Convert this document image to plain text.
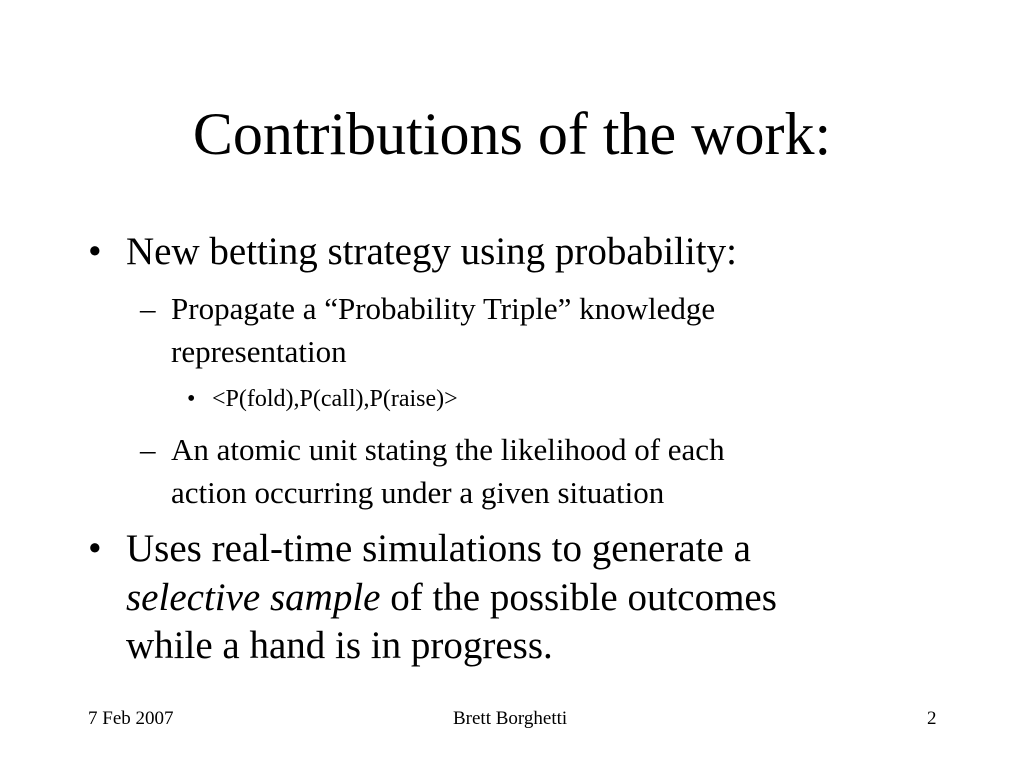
Contributions of the work:
• New betting strategy using probability:
– Propagate a “Probability Triple” knowledge
representation
• <P(fold),P(call),P(raise)>
– An atomic unit stating the likelihood of each
action occurring under a given situation
• Uses real-time simulations to generate a
selective sample of the possible outcomes
while a hand is in progress.
7 Feb 2007	Brett Borghetti	2
